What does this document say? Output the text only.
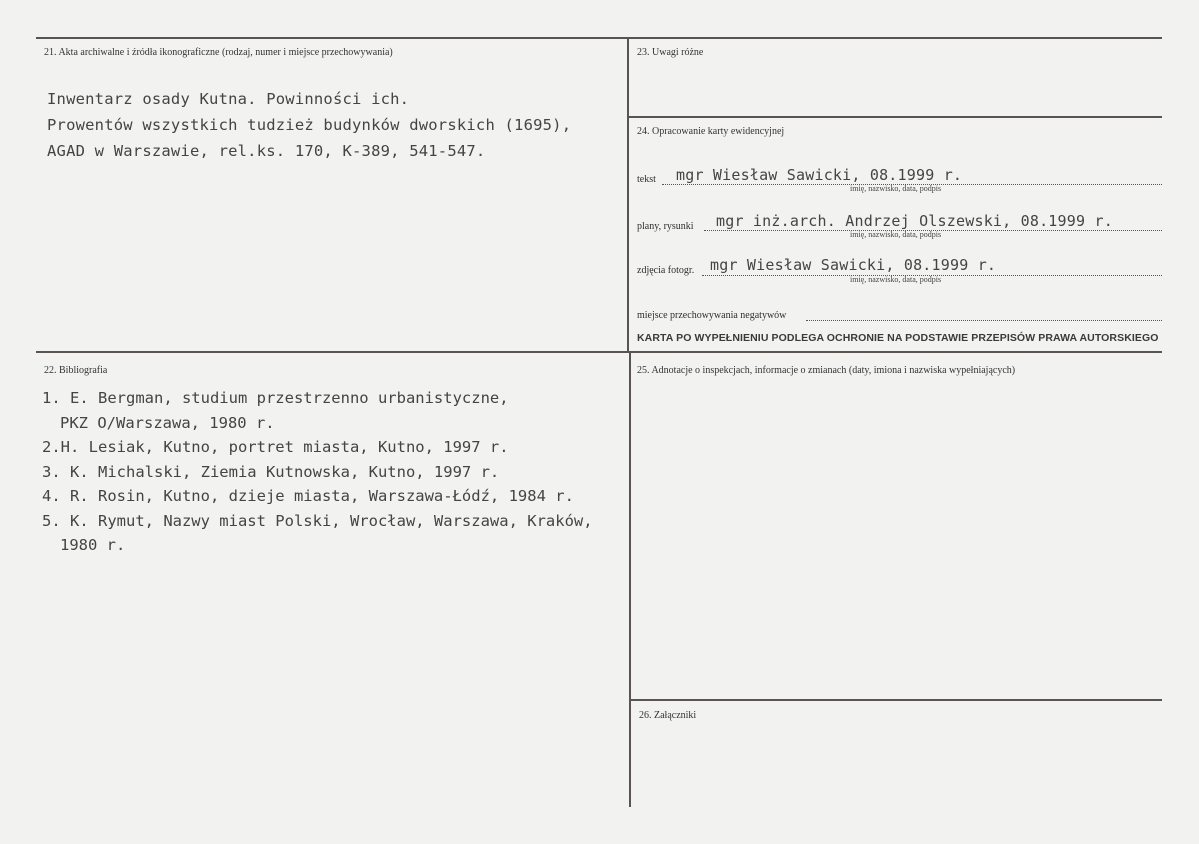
21. Akta archiwalne i źródła ikonograficzne (rodzaj, numer i miejsce przechowywania)
Inwentarz osady Kutna. Powinności ich.
Prowentów wszystkich tudzież budynków dworskich (1695),
AGAD w Warszawie, rel.ks. 170, K-389, 541-547.
23. Uwagi różne
24. Opracowanie karty ewidencyjnej
tekst mgr Wiesław Sawicki, 08.1999 r.
imię, nazwisko, data, podpis
plany, rysunki mgr inż.arch. Andrzej Olszewski, 08.1999 r.
imię, nazwisko, data, podpis
zdjęcia fotogr. mgr Wiesław Sawicki, 08.1999 r.
imię, nazwisko, data, podpis
miejsce przechowywania negatywów
KARTA PO WYPEŁNIENIU PODLEGA OCHRONIE NA PODSTAWIE PRZEPISÓW PRAWA AUTORSKIEGO
22. Bibliografia
1. E. Bergman, studium przestrzenno urbanistyczne,
PKZ O/Warszawa, 1980 r.
2.H. Lesiak, Kutno, portret miasta, Kutno, 1997 r.
3. K. Michalski, Ziemia Kutnowska, Kutno, 1997 r.
4. R. Rosin, Kutno, dzieje miasta, Warszawa-Łódź, 1984 r.
5. K. Rymut, Nazwy miast Polski, Wrocław, Warszawa, Kraków,
1980 r.
25. Adnotacje o inspekcjach, informacje o zmianach (daty, imiona i nazwiska wypełniających)
26. Załączniki
